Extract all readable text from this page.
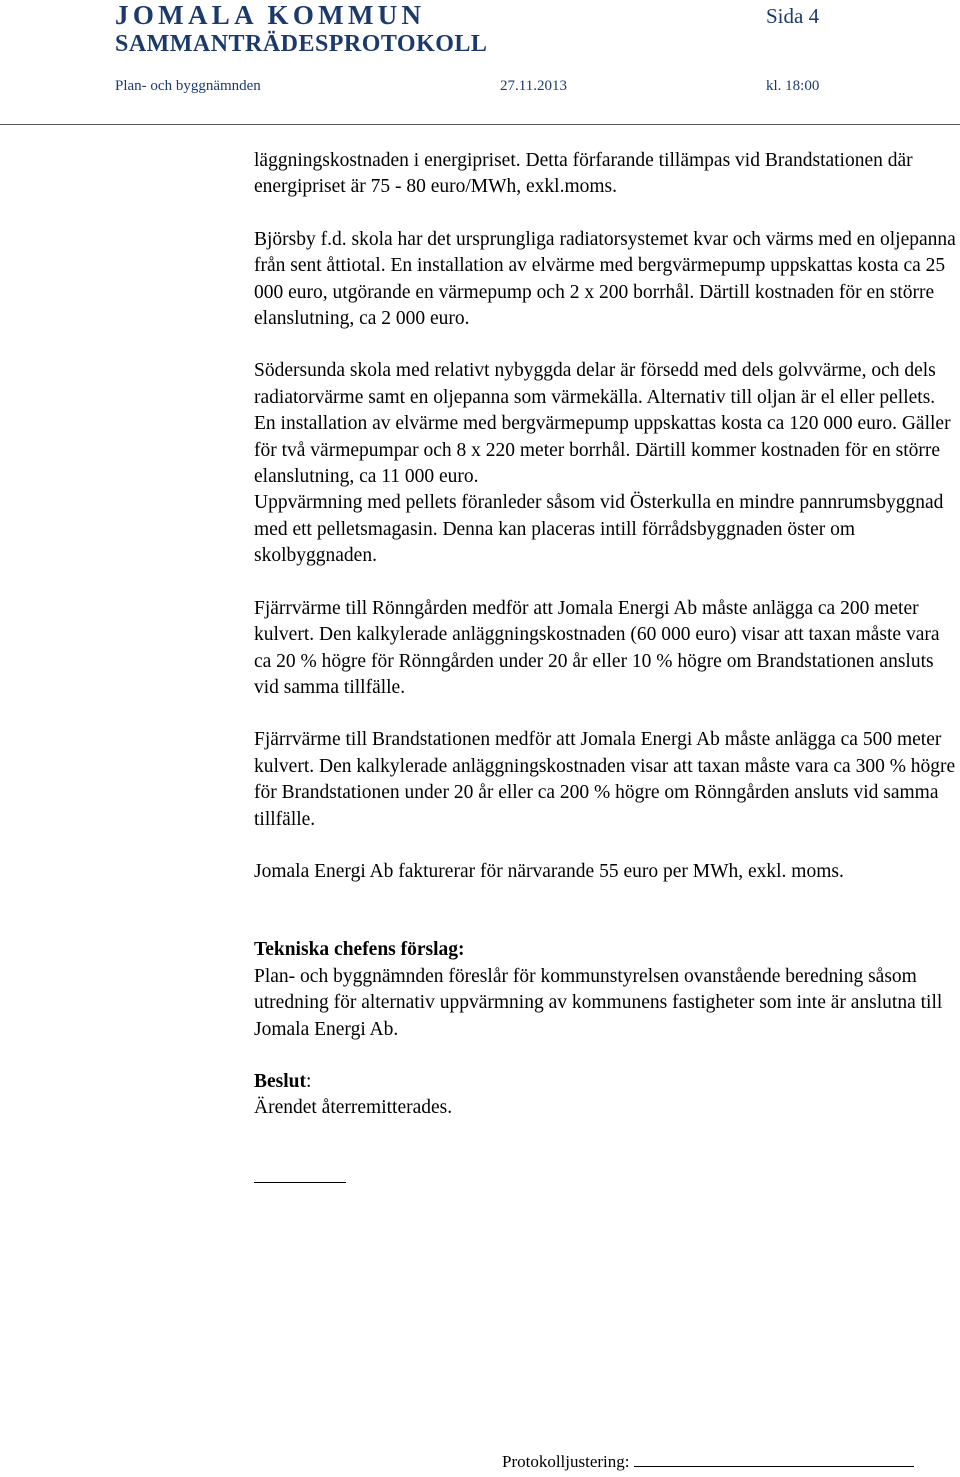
JOMALA KOMMUN
SAMMANTRÄDESPROTOKOLL
Sida 4
Plan- och byggnämnden	27.11.2013	kl. 18:00

läggningskostnaden i energipriset. Detta förfarande tillämpas vid Brandstationen där energipriset är 75 - 80 euro/MWh, exkl.moms.

Björsby f.d. skola har det ursprungliga radiatorsystemet kvar och värms med en oljepanna från sent åttiotal. En installation av elvärme med bergvärmepump uppskattas kosta ca 25 000 euro, utgörande en värmepump och 2 x 200 borrhål. Därtill kostnaden för en större elanslutning, ca 2 000 euro.

Södersunda skola med relativt nybyggda delar är försedd med dels golvvärme, och dels radiatorvärme samt en oljepanna som värmekälla. Alternativ till oljan är el eller pellets. En installation av elvärme med bergvärmepump uppskattas kosta ca 120 000 euro. Gäller för två värmepumpar och 8 x 220 meter borrhål. Därtill kommer kostnaden för en större elanslutning, ca 11 000 euro.

Uppvärmning med pellets föranleder såsom vid Österkulla en mindre pannrumsbyggnad med ett pelletsmagasin. Denna kan placeras intill förrådsbyggnaden öster om skolbyggnaden.

Fjärrvärme till Rönngården medför att Jomala Energi Ab måste anlägga ca 200 meter kulvert. Den kalkylerade anläggningskostnaden (60 000 euro) visar att taxan måste vara ca 20 % högre för Rönngården under 20 år eller 10 % högre om Brandstationen ansluts vid samma tillfälle.

Fjärrvärme till Brandstationen medför att Jomala Energi Ab måste anlägga ca 500 meter kulvert. Den kalkylerade anläggningskostnaden visar att taxan måste vara ca 300 % högre för Brandstationen under 20 år eller ca 200 % högre om Rönngården ansluts vid samma tillfälle.

Jomala Energi Ab fakturerar för närvarande 55 euro per MWh, exkl. moms.

Tekniska chefens förslag:

Plan- och byggnämnden föreslår för kommunstyrelsen ovanstående beredning såsom utredning för alternativ uppvärmning av kommunens fastigheter som inte är anslutna till Jomala Energi Ab.

Beslut:

Ärendet återremitterades.

Protokolljustering:
